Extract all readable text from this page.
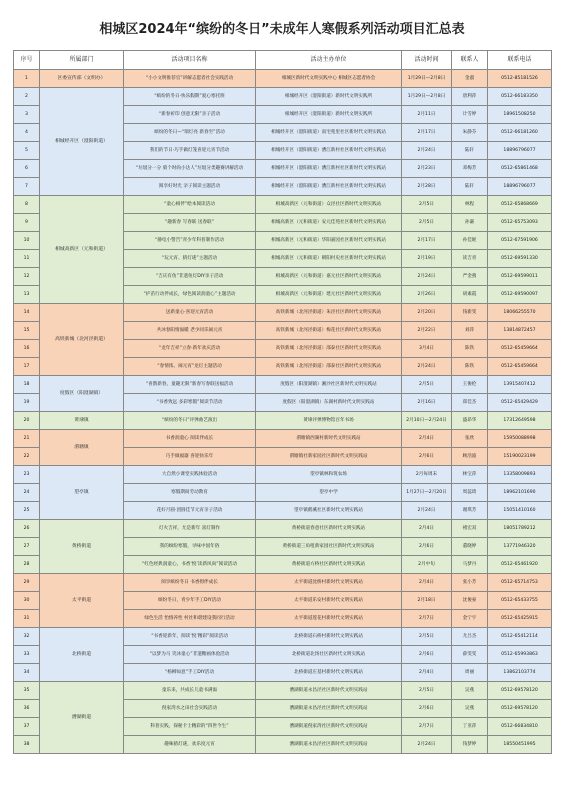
相城区2024年“缤纷的冬日”未成年人寒假系列活动项目汇总表
序号	所属部门	活动项目名称	活动主办单位	活动时间	联系人	联系电话
1	区委宣传部（文明办）	“小小文明推荐官”讲解志愿者社会实践活动	相城区新时代文明实践中心 相城区志愿者协会	1月29日—2月8日	金淑	0512-85181526
2	相城经开区（澄阳街道）	“缤纷的冬日·快乐假期”爱心寒托班	相城经开区（澄阳街道）新时代文明实践所	1月29日—2月8日	唐利萍	0512-66183350
3		“新春祈印 创意无限”亲子活动	相城经开区（澄阳街道）新时代文明实践所	2月11日	计雪婷	18961508250
4		缤纷的冬日—“瑞灯亮 新春至”活动	相城经开区（澄阳街道）南宅苑里社区新时代文明实践站	2月17日	朱静芬	0512-66181260
5		我们的节日·巧手做灯笼喜迎元宵节活动	相城经开区（澄阳街道）漕江新村社区新时代文明实践站	2月24日	陆轩	18896796077
6		“垃圾分一分 骑个时尚小达人”垃圾分类趣赛讲解活动	相城经开区（澄阳街道）漕江新村社区新时代文明实践站	2月23日	邓梅芳	0512-65861468
7		阅享好时光 亲子阅读主题活动	相城经开区（澄阳街道）漕江新村社区新时代文明实践站	2月28日	陆轩	18896796077
8	相城高新区（元和街道）	“童心相伴”绘本阅读活动	相城高新区（元和街道）众泾社区新时代文明实践站	2月5日	林程	0512-65868669
9		“趣新春 写春联 送春联”	相城高新区（元和街道）安元佳苑社区新时代文明实践站	2月5日	孙谦	0512-65753093
10		“静电小警告”青少年科普制作活动	相城高新区（元和街道）华阳嘉园社区新时代文明实践站	2月17日	孙佳妮	0512-67591906
11		“玩元宵、猜灯谜”主题活动	相城高新区（元和街道）朝阳村史社区新时代文明实践站	2月19日	读吉青	0512-69591330
12		“吉庆有鱼”非遗鱼灯DIY亲子活动	相城高新区（元和街道）嘉元社区新时代文明实践站	2月24日	严金燕	0512-69599011
13		“护苗行动伴成长，绿色阅读润童心”主题活动	相城高新区（元和街道）建元社区新时代文明实践站	2月26日	胡素霞	0512-69590097
14	高铁新城（北河泾街道）	送新童心·喜迎元宵活动	高铁新城（北河泾街道）朱泾社区新时代文明实践站	2月20日	钱新雯	18066255570
15		共沐春阳情溢暖 老少同乐闹元宵	高铁新城（北河泾街道）梅花社区新时代文明实践站	2月22日	刘萍	13814872457
16		“龙年吉祥”立春·新年欢庆活动	高铁新城（北河泾街道）邵泰社区新时代文明实践站	3月4日	陈铁	0512-65459664
17		“春情浓、闹元宵”龙灯主题活动	高铁新城（北河泾街道）邵泰社区新时代文明实践站	2月24日	陈铁	0512-65459664
18	度假区（阳澄湖镇）	“喜鹊新春，童趣无限”新春写春联送福活动	度假区（阳澄湖镇）湘沙社区新时代文明实践站	2月5日	王俊伦	13915407412
19		“书香致远 多彩寒假”阅读节活动	度假区（阳澄湖镇）东湖村新时代文明实践站	2月16日	郑佳杰	0512-65429429
20	黄埭镇	“缤纷的冬日”评弹曲艺演出	黄埭评弹博物馆百年书场	2月10日—2月24日	盛昂华	17312649598
21	渭塘镇	书香润童心 阅读伴成长	渭塘镇西湖村新时代文明实践站	2月4日	张欣	15950088998
22		巧手做福器 喜迎快乐年	渭塘镇社新家园社区新时代文明实践站	2月6日	顾浩波	15190023199
23	望亭镇	大自然小课堂实践体验活动	望亭镇林和筑农场	2月每周末	林宝萍	13358009893
24		寒假期间劳动教育	望亭中学	1月27日—2月20日	周蕊琦	18962101690
25		花好月圆·团圆佳节元宵亲子活动	望亭镇鹤溪社区新时代文明实践站	2月24日	谢琪芳	15051410160
26	黄桥街道	灯火吉祥，尤是新年 富灯制作	黄桥街道春意社区新时代文明实践站	2月4日	褚宏双	18051789212
27		我的缤纷寒假，寻味中国年俗	黄桥街道三角咀新家园社区新时代文明实践站	2月6日	董晓婷	13771946320
28		“红色经典润童心，书香‘悦’读新风尚”阅读活动	黄桥街道方桥社区新时代文明实践站	2月中旬	马梦丹	0512-65461920
29	太平街道	阅享缤纷冬日 书香拇伴成长	太平街道沈桥村新时代文明实践站	2月4日	张小芳	0512-65714753
30		缤纷冬日，青少年手工DIY活动	太平街道乐安村新时代文明实践站	2月18日	沈俊豪	0512-65433755
31		绿色生活 怡情养性 村社和谐建设我同行活动	太平街道莲花村新时代文明实践站	2月7日	金宁宇	0512-65425915
32	北桥街道	“书香迎新年，阅读‘悦’精彩”阅读活动	北桥街道石桥村新时代文明实践站	2月5日	尤吕杰	0512-65412114
33		“以梦为马 笑沐童心”非遗糖画体验活动	北桥街道北汤社区新时代文明实践站	2月6日	薛雯雯	0512-65993863
34		“杨柳如意”手工DIY活动	北桥街道庄基村新时代文明实践站	2月4日	周丽	13862103774
35	漕湖街道	童乐来，共成长儿童书满溢	漕湖街道永昌泾社区新时代文明实践站	2月5日	吴燕	0512-69578120
36		倪家湾水之田社会实践活动	漕湖街道永昌泾社区新时代文明实践站	2月6日	吴燕	0512-69578120
37		科普实践，探秘卡士精彩的“四世今生”	漕湖街道倪家湾社区新时代文明实践站	2月7日	丁亚萍	0512-66834810
38		趣味猜灯谜，欢乐度元宵	漕湖街道永昌泾社区新时代文明实践站	2月24日	钱梦婷	18550451995
